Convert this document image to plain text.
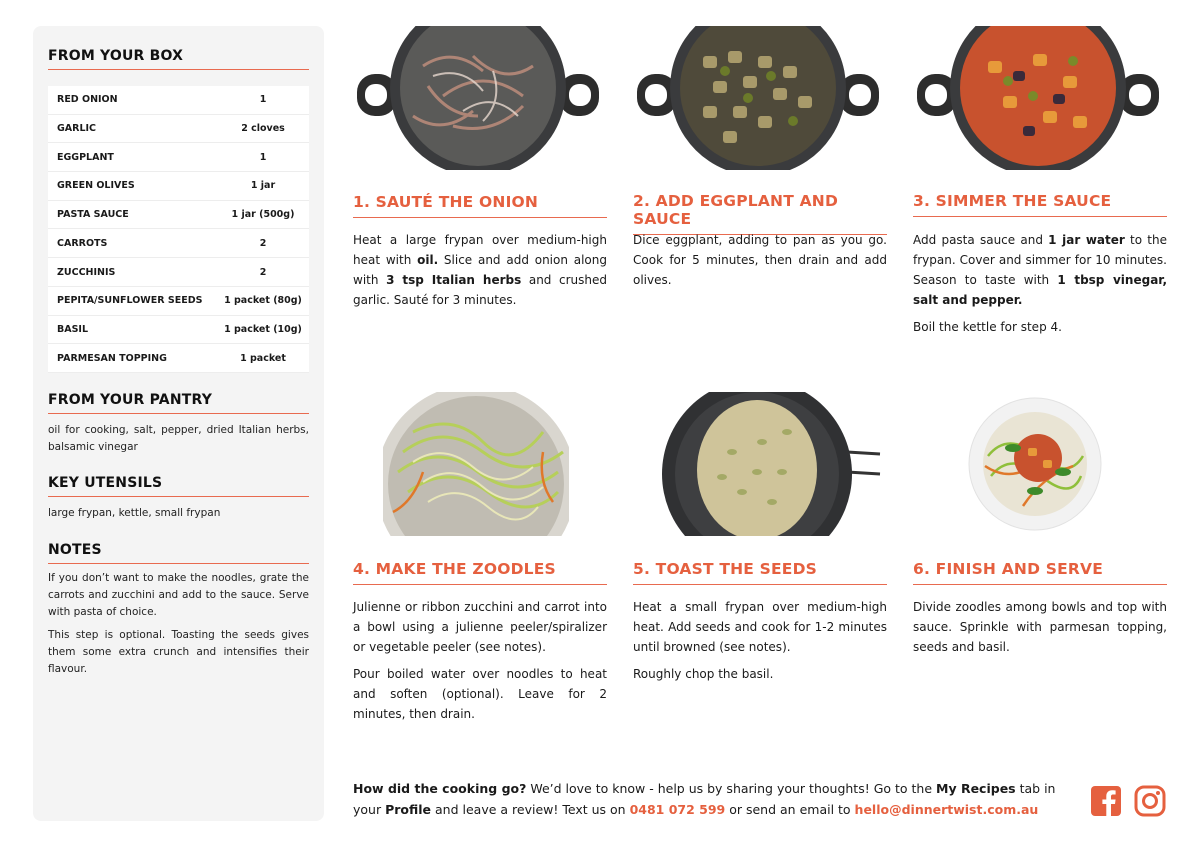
FROM YOUR BOX
RED ONION	1
GARLIC	2 cloves
EGGPLANT	1
GREEN OLIVES	1 jar
PASTA SAUCE	1 jar (500g)
CARROTS	2
ZUCCHINIS	2
PEPITA/SUNFLOWER SEEDS	1 packet (80g)
BASIL	1 packet (10g)
PARMESAN TOPPING	1 packet
FROM YOUR PANTRY
oil for cooking, salt, pepper, dried Italian herbs, balsamic vinegar
KEY UTENSILS
large frypan, kettle, small frypan
NOTES

If you don’t want to make the noodles, grate the carrots and zucchini and add to the sauce. Serve with pasta of choice.

This step is optional. Toasting the seeds gives them some extra crunch and intensifies their flavour.

1. SAUTÉ THE ONION

Heat a large frypan over medium-high heat with oil. Slice and add onion along with 3 tsp Italian herbs and crushed garlic. Sauté for 3 minutes.

2. ADD EGGPLANT AND SAUCE

Dice eggplant, adding to pan as you go. Cook for 5 minutes, then drain and add olives.

3. SIMMER THE SAUCE

Add pasta sauce and 1 jar water to the frypan. Cover and simmer for 10 minutes. Season to taste with 1 tbsp vinegar, salt and pepper.

Boil the kettle for step 4.

4. MAKE THE ZOODLES

Julienne or ribbon zucchini and carrot into a bowl using a julienne peeler/spiralizer or vegetable peeler (see notes).

Pour boiled water over noodles to heat and soften (optional). Leave for 2 minutes, then drain.

5. TOAST THE SEEDS

Heat a small frypan over medium-high heat. Add seeds and cook for 1-2 minutes until browned (see notes).

Roughly chop the basil.

6. FINISH AND SERVE

Divide zoodles among bowls and top with sauce. Sprinkle with parmesan topping, seeds and basil.

How did the cooking go? We’d love to know - help us by sharing your thoughts! Go to the My Recipes tab in your Profile and leave a review! Text us on 0481 072 599 or send an email to hello@dinnertwist.com.au
